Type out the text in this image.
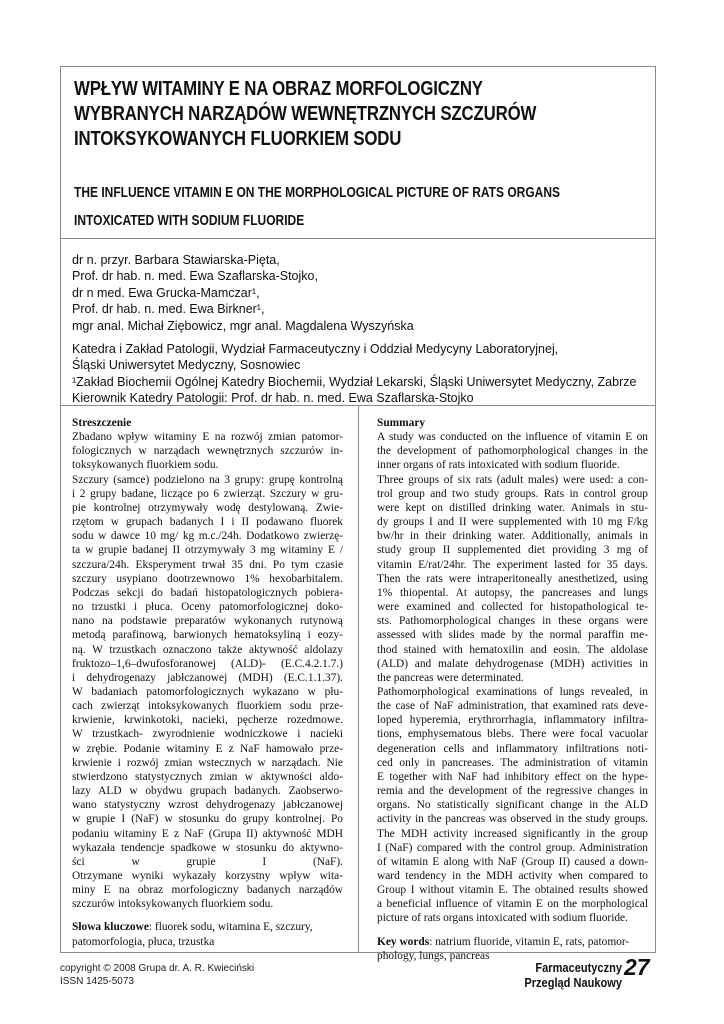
WPŁYW WITAMINY E NA OBRAZ MORFOLOGICZNY
WYBRANYCH NARZĄDÓW WEWNĘTRZNYCH SZCZURÓW
INTOKSYKOWANYCH FLUORKIEM SODU
THE INFLUENCE VITAMIN E ON THE MORPHOLOGICAL PICTURE OF RATS ORGANS
INTOXICATED WITH SODIUM FLUORIDE
dr n. przyr. Barbara Stawiarska-Pięta,
Prof. dr hab. n. med. Ewa Szaflarska-Stojko,
dr n med. Ewa Grucka-Mamczar¹,
Prof. dr hab. n. med. Ewa Birkner¹,
mgr anal. Michał Ziębowicz, mgr anal. Magdalena Wyszyńska
Katedra i Zakład Patologii, Wydział Farmaceutyczny i Oddział Medycyny Laboratoryjnej,
Śląski Uniwersytet Medyczny, Sosnowiec
¹Zakład Biochemii Ogólnej Katedry Biochemii, Wydział Lekarski, Śląski Uniwersytet Medyczny, Zabrze
Kierownik Katedry Patologii: Prof. dr hab. n. med. Ewa Szaflarska-Stojko
Streszczenie
Zbadano wpływ witaminy E na rozwój zmian patomor-
fologicznych w narządach wewnętrznych szczurów in-
toksykowanych fluorkiem sodu.
Szczury (samce) podzielono na 3 grupy: grupę kontrolną
i 2 grupy badane, liczące po 6 zwierząt. Szczury w gru-
pie kontrolnej otrzymywały wodę destylowaną. Zwie-
rzętom w grupach badanych I i II podawano fluorek
sodu w dawce 10 mg/ kg m.c./24h. Dodatkowo zwierzę-
ta w grupie badanej II otrzymywały 3 mg witaminy E /
szczura/24h. Eksperyment trwał 35 dni. Po tym czasie
szczury usypiano dootrzewnowo 1% hexobarbitalem.
Podczas sekcji do badań histopatologicznych pobiera-
no trzustki i płuca. Oceny patomorfologicznej doko-
nano na podstawie preparatów wykonanych rutynową
metodą parafinową, barwionych hematoksyliną i eozy-
ną. W trzustkach oznaczono także aktywność aldolazy
fruktozo–1,6–dwufosforanowej (ALD)- (E.C.4.2.1.7.)
i dehydrogenazy jabłczanowej (MDH) (E.C.1.1.37).
W badaniach patomorfologicznych wykazano w płu-
cach zwierząt intoksykowanych fluorkiem sodu prze-
krwienie, krwinkotoki, nacieki, pęcherze rozedmowe.
W trzustkach- zwyrodnienie wodniczkowe i nacieki
w zrębie. Podanie witaminy E z NaF hamowało prze-
krwienie i rozwój zmian wstecznych w narządach. Nie
stwierdzono statystycznych zmian w aktywności aldo-
lazy ALD w obydwu grupach badanych. Zaobserwo-
wano statystyczny wzrost dehydrogenazy jabłczanowej
w grupie I (NaF) w stosunku do grupy kontrolnej. Po
podaniu witaminy E z NaF (Grupa II) aktywność MDH
wykazała tendencje spadkowe w stosunku do aktywno-
ści w grupie I (NaF).
Otrzymane wyniki wykazały korzystny wpływ wita-
miny E na obraz morfologiczny badanych narządów
szczurów intoksykowanych fluorkiem sodu.
Słowa kluczowe: fluorek sodu, witamina E, szczury,
patomorfologia, płuca, trzustka
Summary
A study was conducted on the influence of vitamin E on
the development of pathomorphological changes in the
inner organs of rats intoxicated with sodium fluoride.
Three groups of six rats (adult males) were used: a con-
trol group and two study groups. Rats in control group
were kept on distilled drinking water. Animals in stu-
dy groups I and II were supplemented with 10 mg F/kg
bw/hr in their drinking water. Additionally, animals in
study group II supplemented diet providing 3 mg of
vitamin E/rat/24hr. The experiment lasted for 35 days.
Then the rats were intraperitoneally anesthetized, using
1% thiopental. At autopsy, the pancreases and lungs
were examined and collected for histopathological te-
sts. Pathomorphological changes in these organs were
assessed with slides made by the normal paraffin me-
thod stained with hematoxilin and eosin. The aldolase
(ALD) and malate dehydrogenase (MDH) activities in
the pancreas were determinated.
Pathomorphological examinations of lungs revealed, in
the case of NaF administration, that examined rats deve-
loped hyperemia, erythrorrhagia, inflammatory infiltra-
tions, emphysematous blebs. There were focal vacuolar
degeneration cells and inflammatory infiltrations noti-
ced only in pancreases. The administration of vitamin
E together with NaF had inhibitory effect on the hype-
remia and the development of the regressive changes in
organs. No statistically significant change in the ALD
activity in the pancreas was observed in the study groups.
The MDH activity increased significantly in the group
I (NaF) compared with the control group. Administration
of witamin E along with NaF (Group II) caused a down-
ward tendency in the MDH activity when compared to
Group I without vitamin E. The obtained results showed
a beneficial influence of vitamin E on the morphological
picture of rats organs intoxicated with sodium fluoride.
Key words: natrium fluoride, vitamin E, rats, patomor-
phology, lungs, pancreas
copyright © 2008 Grupa dr. A. R. Kwieciński
ISSN 1425-5073
Farmaceutyczny
Przegląd Naukowy
27
